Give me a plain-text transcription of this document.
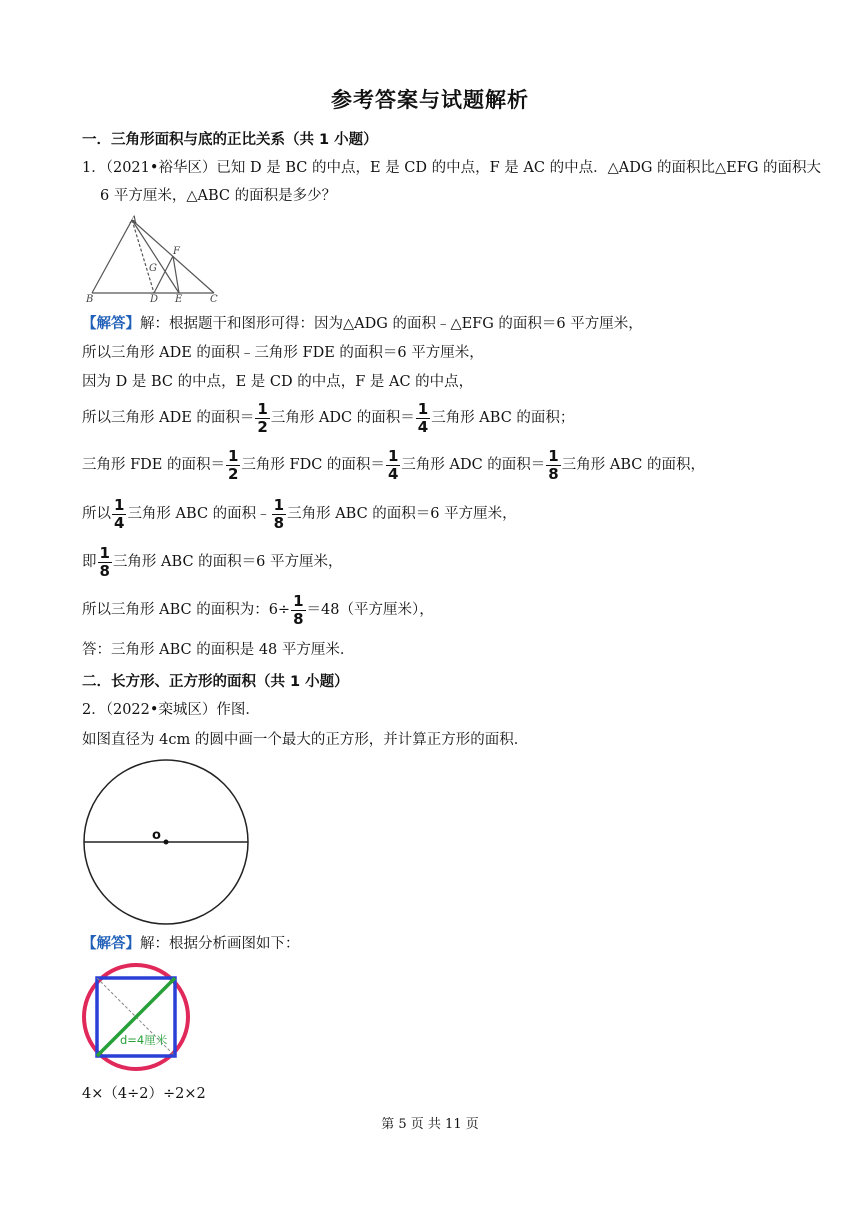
参考答案与试题解析
一．三角形面积与底的正比关系（共 1 小题）
1．（2021•裕华区）已知 D 是 BC 的中点，E 是 CD 的中点，F 是 AC 的中点．△ADG 的面积比△EFG 的面积大
6 平方厘米，△ABC 的面积是多少？
A
B	C
D E
F
G
【解答】解：根据题干和图形可得：因为△ADG 的面积﹣△EFG 的面积＝6 平方厘米，
所以三角形 ADE 的面积﹣三角形 FDE 的面积＝6 平方厘米，
因为 D 是 BC 的中点，E 是 CD 的中点，F 是 AC 的中点，
所以三角形 ADE 的面积＝ $\frac{1}{2}$ 三角形 ADC 的面积＝ $\frac{1}{4}$ 三角形 ABC 的面积；
三角形 FDE 的面积＝ $\frac{1}{2}$ 三角形 FDC 的面积＝ $\frac{1}{4}$ 三角形 ADC 的面积＝ $\frac{1}{8}$ 三角形 ABC 的面积，
所以 $\frac{1}{4}$ 三角形 ABC 的面积﹣ $\frac{1}{8}$ 三角形 ABC 的面积＝6 平方厘米，
即 $\frac{1}{8}$ 三角形 ABC 的面积＝6 平方厘米，
所以三角形 ABC 的面积为：$6\div \frac{1}{8} =48$（平方厘米），
答：三角形 ABC 的面积是 48 平方厘米．
二．长方形、正方形的面积（共 1 小题）
2．（2022•栾城区）作图．
如图直径为 4cm 的圆中画一个最大的正方形，并计算正方形的面积．
o
【解答】解：根据分析画图如下：
d=4厘米
4×（4÷2）÷2×2
第 5 页 共 11 页
